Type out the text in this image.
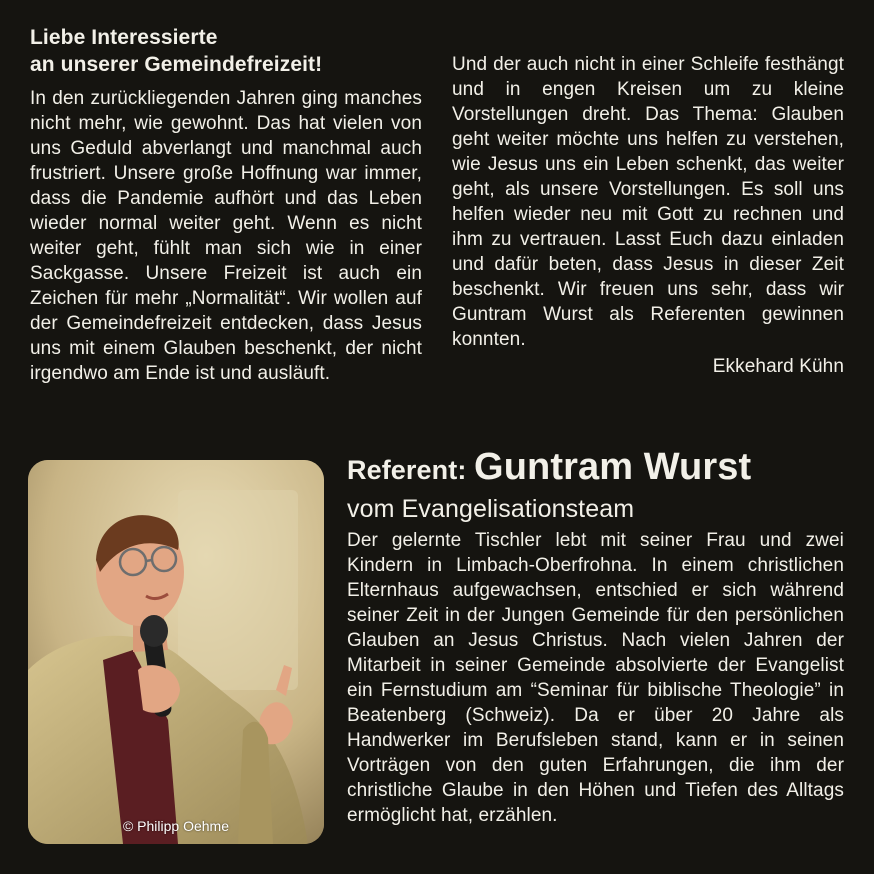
Liebe Interessierte
an unserer Gemeindefreizeit!

In den zurückliegenden Jahren ging manches nicht mehr, wie gewohnt. Das hat vielen von uns Geduld abverlangt und manchmal auch frustriert. Unsere große Hoffnung war immer, dass die Pandemie aufhört und das Leben wieder normal weiter geht. Wenn es nicht weiter geht, fühlt man sich wie in einer Sackgasse. Unsere Freizeit ist auch ein Zeichen für mehr „Normalität“. Wir wollen auf der Gemeindefreizeit entdecken, dass Jesus uns mit einem Glauben beschenkt, der nicht irgendwo am Ende ist und ausläuft.

Und der auch nicht in einer Schleife festhängt und in engen Kreisen um zu kleine Vorstellungen dreht. Das Thema: Glauben geht weiter möchte uns helfen zu verstehen, wie Jesus uns ein Leben schenkt, das weiter geht, als unsere Vorstellungen. Es soll uns helfen wieder neu mit Gott zu rechnen und ihm zu vertrauen. Lasst Euch dazu einladen und dafür beten, dass Jesus in dieser Zeit beschenkt. Wir freuen uns sehr, dass wir Guntram Wurst als Referenten gewinnen konnten.

Ekkehard Kühn
© Philipp Oehme
Referent: Guntram Wurst
vom Evangelisationsteam

Der gelernte Tischler lebt mit seiner Frau und zwei Kindern in Limbach-Oberfrohna. In einem christlichen Elternhaus aufgewachsen, entschied er sich während seiner Zeit in der Jungen Gemeinde für den persönlichen Glauben an Jesus Christus. Nach vielen Jahren der Mitarbeit in seiner Gemeinde absolvierte der Evangelist ein Fernstudium am “Seminar für biblische Theologie” in Beatenberg (Schweiz). Da er über 20 Jahre als Handwerker im Berufsleben stand, kann er in seinen Vorträgen von den guten Erfahrungen, die ihm der christliche Glaube in den Höhen und Tiefen des Alltags ermöglicht hat, erzählen.
